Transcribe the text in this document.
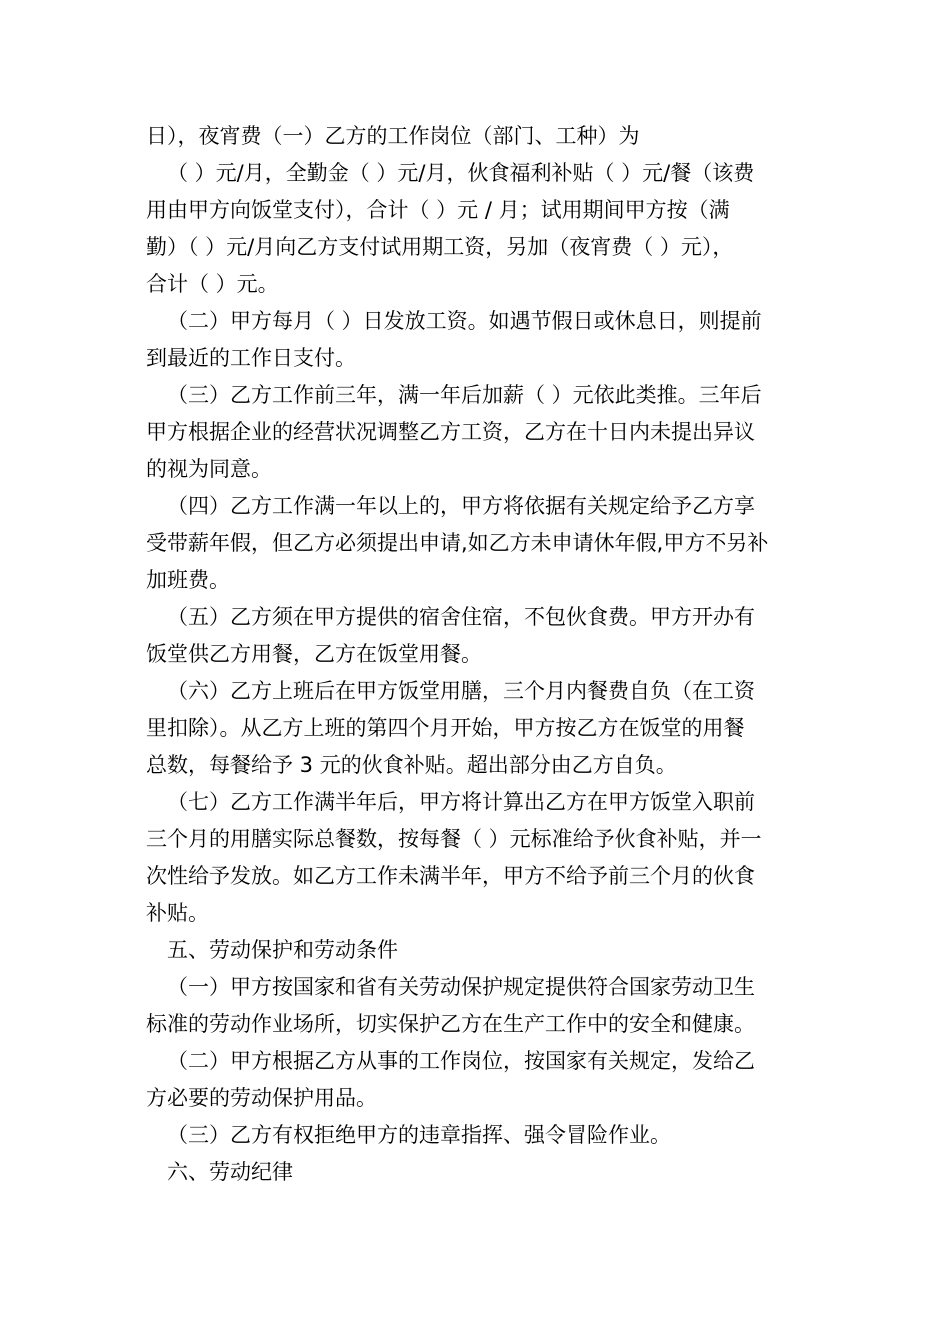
日），夜宵费（一）乙方的工作岗位（部门、工种）为
（ ）元/月，全勤金（ ）元/月，伙食福利补贴（ ）元/餐（该费
用由甲方向饭堂支付），合计（ ）元 / 月；试用期间甲方按（满
勤）（ ）元/月向乙方支付试用期工资，另加（夜宵费（ ）元），
合计（ ）元。
（二）甲方每月（ ）日发放工资。如遇节假日或休息日，则提前
到最近的工作日支付。
（三）乙方工作前三年，满一年后加薪（ ）元依此类推。三年后
甲方根据企业的经营状况调整乙方工资，乙方在十日内未提出异议
的视为同意。
（四）乙方工作满一年以上的，甲方将依据有关规定给予乙方享
受带薪年假，但乙方必须提出申请,如乙方未申请休年假,甲方不另补
加班费。
（五）乙方须在甲方提供的宿舍住宿，不包伙食费。甲方开办有
饭堂供乙方用餐，乙方在饭堂用餐。
（六）乙方上班后在甲方饭堂用膳，三个月内餐费自负（在工资
里扣除）。从乙方上班的第四个月开始，甲方按乙方在饭堂的用餐
总数，每餐给予 3 元的伙食补贴。超出部分由乙方自负。
（七）乙方工作满半年后，甲方将计算出乙方在甲方饭堂入职前
三个月的用膳实际总餐数，按每餐（ ）元标准给予伙食补贴，并一
次性给予发放。如乙方工作未满半年，甲方不给予前三个月的伙食
补贴。
五、劳动保护和劳动条件
（一）甲方按国家和省有关劳动保护规定提供符合国家劳动卫生
标准的劳动作业场所，切实保护乙方在生产工作中的安全和健康。
（二）甲方根据乙方从事的工作岗位，按国家有关规定，发给乙
方必要的劳动保护用品。
（三）乙方有权拒绝甲方的违章指挥、强令冒险作业。
六、劳动纪律
